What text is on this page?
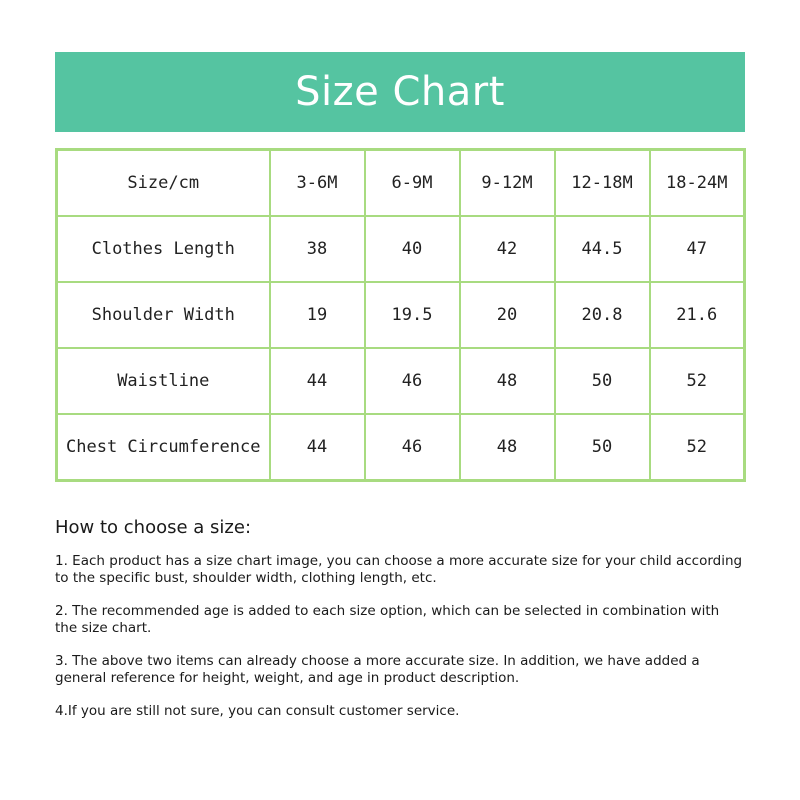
Size Chart
Size/cm	3-6M	6-9M	9-12M	12-18M	18-24M
Clothes Length	38	40	42	44.5	47
Shoulder Width	19	19.5	20	20.8	21.6
Waistline	44	46	48	50	52
Chest Circumference	44	46	48	50	52

How to choose a size:

1. Each product has a size chart image, you can choose a more accurate size for your child according to the specific bust, shoulder width, clothing length, etc.

2. The recommended age is added to each size option, which can be selected in combination with the size chart.

3. The above two items can already choose a more accurate size. In addition, we have added a general reference for height, weight, and age in product description.

4.If you are still not sure, you can consult customer service.
